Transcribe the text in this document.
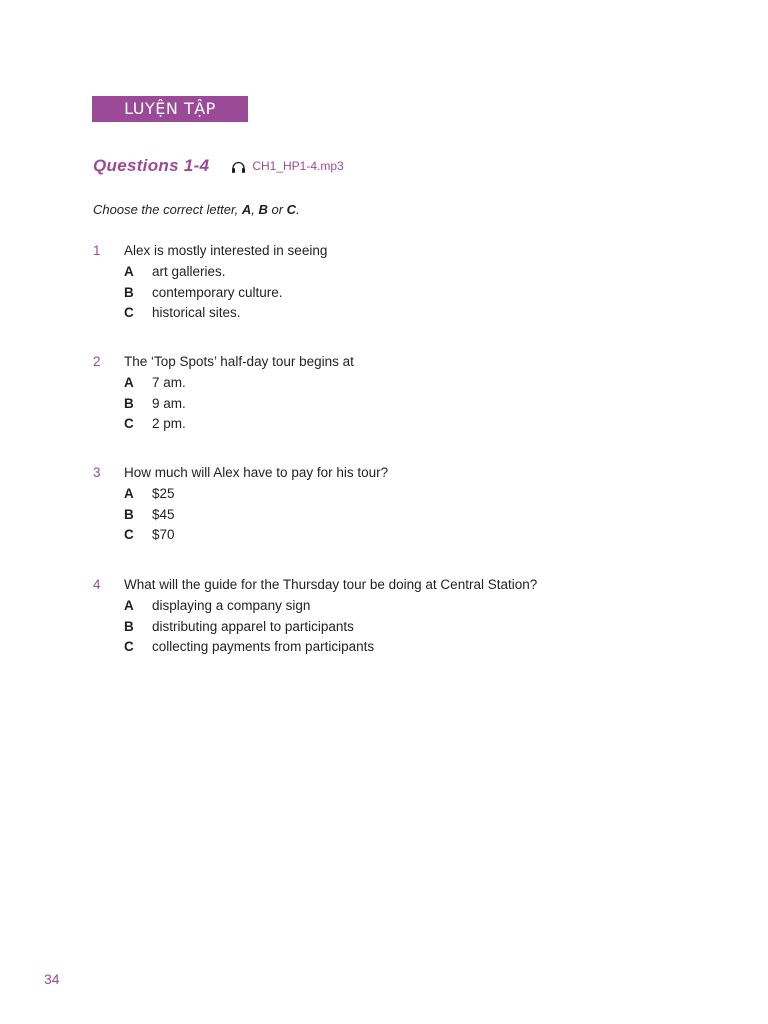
LUYỆN TẬP
Questions 1-4	CH1_HP1-4.mp3
Choose the correct letter, A, B or C.
1	Alex is mostly interested in seeing
A	art galleries.
B	contemporary culture.
C	historical sites.
2	The ‘Top Spots’ half-day tour begins at
A	7 am.
B	9 am.
C	2 pm.
3	How much will Alex have to pay for his tour?
A	$25
B	$45
C	$70
4	What will the guide for the Thursday tour be doing at Central Station?
A	displaying a company sign
B	distributing apparel to participants
C	collecting payments from participants
34
